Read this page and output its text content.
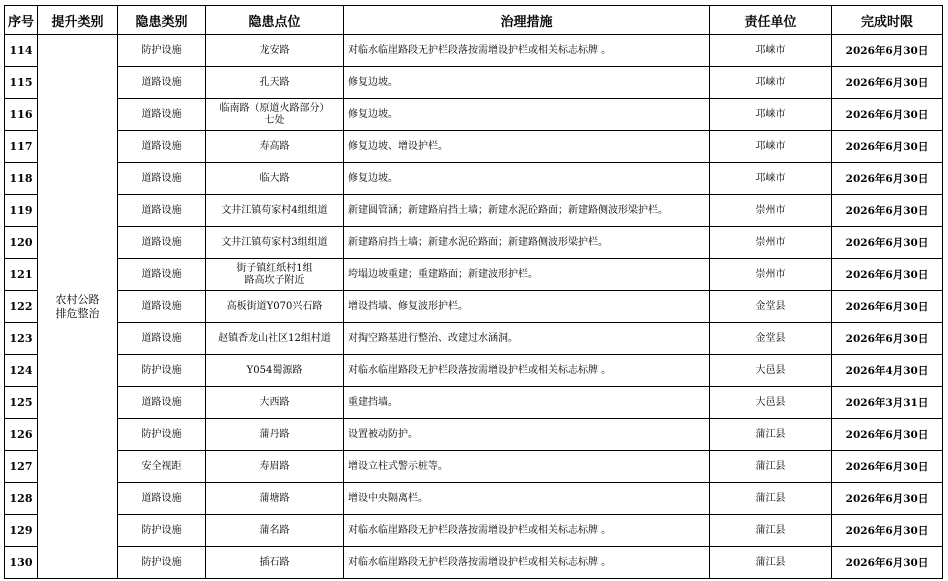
序号	提升类别	隐患类别	隐患点位	治理措施	责任单位	完成时限
114	农村公路
排危整治	防护设施	龙安路	对临水临崖路段无护栏段落按需增设护栏或相关标志标牌 。	邛崃市	2026年6月30日
115		道路设施	孔天路	修复边坡。	邛崃市	2026年6月30日
116		道路设施	临南路（原道火路部分）
七处	修复边坡。	邛崃市	2026年6月30日
117		道路设施	寿高路	修复边坡、增设护栏。	邛崃市	2026年6月30日
118		道路设施	临大路	修复边坡。	邛崃市	2026年6月30日
119		道路设施	文井江镇苟家村4组组道	新建圆管涵；新建路肩挡土墙；新建水泥砼路面；新建路侧波形梁护栏。	崇州市	2026年6月30日
120		道路设施	文井江镇苟家村3组组道	新建路肩挡土墙；新建水泥砼路面；新建路侧波形梁护栏。	崇州市	2026年6月30日
121		道路设施	街子镇红纸村1组
路高坎子附近	垮塌边坡重建；重建路面；新建波形护栏。	崇州市	2026年6月30日
122		道路设施	高板街道Y070兴石路	增设挡墙、修复波形护栏。	金堂县	2026年6月30日
123		道路设施	赵镇香龙山社区12组村道	对掏空路基进行整治、改建过水涵洞。	金堂县	2026年6月30日
124		防护设施	Y054蜀源路	对临水临崖路段无护栏段落按需增设护栏或相关标志标牌 。	大邑县	2026年4月30日
125		道路设施	大西路	重建挡墙。	大邑县	2026年3月31日
126		防护设施	蒲丹路	设置被动防护。	蒲江县	2026年6月30日
127		安全视距	寿眉路	增设立柱式警示桩等。	蒲江县	2026年6月30日
128		道路设施	蒲塘路	增设中央隔离栏。	蒲江县	2026年6月30日
129		防护设施	蒲名路	对临水临崖路段无护栏段落按需增设护栏或相关标志标牌 。	蒲江县	2026年6月30日
130		防护设施	插石路	对临水临崖路段无护栏段落按需增设护栏或相关标志标牌 。	蒲江县	2026年6月30日
